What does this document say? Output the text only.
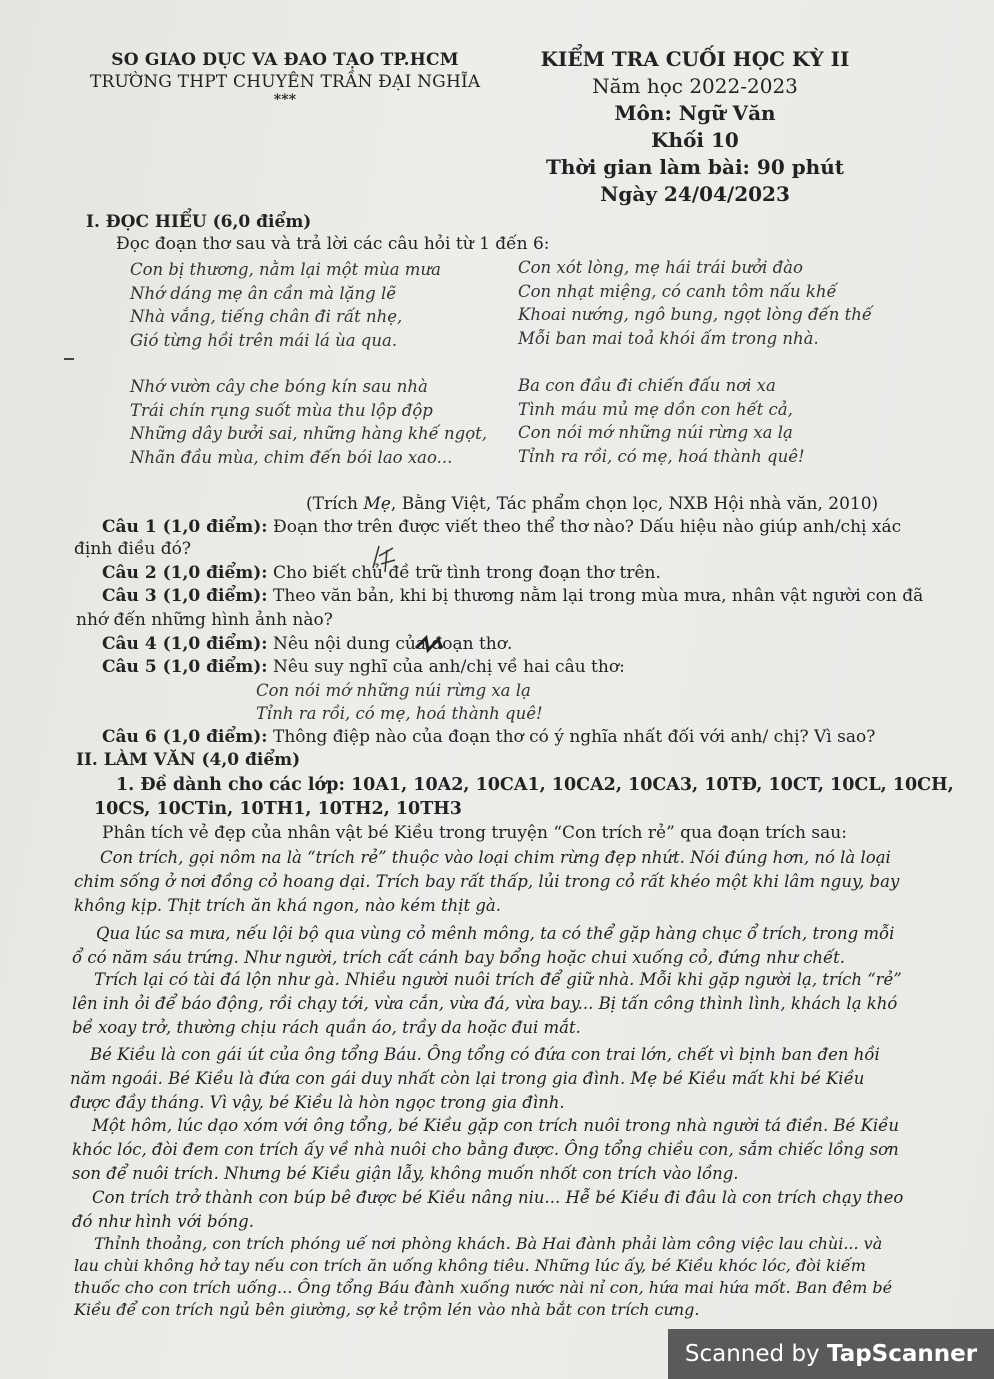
SO GIAO DỤC VA ĐAO TẠO TP.HCM
TRƯỜNG THPT CHUYÊN TRẦN ĐẠI NGHĨA
***
KIỂM TRA CUỐI HỌC KỲ II
Năm học 2022-2023
Môn: Ngữ Văn
Khối 10
Thời gian làm bài: 90 phút
Ngày 24/04/2023
I. ĐỌC HIỂU (6,0 điểm)
Đọc đoạn thơ sau và trả lời các câu hỏi từ 1 đến 6:
Con bị thương, nằm lại một mùa mưa
Nhớ dáng mẹ ân cần mà lặng lẽ
Nhà vắng, tiếng chân đi rất nhẹ,
Gió từng hồi trên mái lá ùa qua.
Con xót lòng, mẹ hái trái bưởi đào
Con nhạt miệng, có canh tôm nấu khế
Khoai nướng, ngô bung, ngọt lòng đến thế
Mỗi ban mai toả khói ấm trong nhà.
Nhớ vườn cây che bóng kín sau nhà
Trái chín rụng suốt mùa thu lộp độp
Những dây bưởi sai, những hàng khế ngọt,
Nhãn đầu mùa, chim đến bói lao xao...
Ba con đầu đi chiến đấu nơi xa
Tình máu mủ mẹ dồn con hết cả,
Con nói mớ những núi rừng xa lạ
Tỉnh ra rồi, có mẹ, hoá thành quê!
(Trích Mẹ, Bằng Việt, Tác phẩm chọn lọc, NXB Hội nhà văn, 2010)
Câu 1 (1,0 điểm): Đoạn thơ trên được viết theo thể thơ nào? Dấu hiệu nào giúp anh/chị xác
định điều đó?
Câu 2 (1,0 điểm): Cho biết chủ đề trữ tình trong đoạn thơ trên.
Câu 3 (1,0 điểm): Theo văn bản, khi bị thương nằm lại trong mùa mưa, nhân vật người con đã
nhớ đến những hình ảnh nào?
Câu 4 (1,0 điểm): Nêu nội dung của đoạn thơ.
Câu 5 (1,0 điểm): Nêu suy nghĩ của anh/chị về hai câu thơ:
Con nói mớ những núi rừng xa lạ
Tỉnh ra rồi, có mẹ, hoá thành quê!
Câu 6 (1,0 điểm): Thông điệp nào của đoạn thơ có ý nghĩa nhất đối với anh/ chị? Vì sao?
II. LÀM VĂN (4,0 điểm)
1. Đề dành cho các lớp: 10A1, 10A2, 10CA1, 10CA2, 10CA3, 10TĐ, 10CT, 10CL, 10CH,
10CS, 10CTin, 10TH1, 10TH2, 10TH3
Phân tích vẻ đẹp của nhân vật bé Kiều trong truyện “Con trích rẻ” qua đoạn trích sau:
Con trích, gọi nôm na là “trích rẻ” thuộc vào loại chim rừng đẹp nhứt. Nói đúng hơn, nó là loại chim sống ở nơi đồng cỏ hoang dại. Trích bay rất thấp, lủi trong cỏ rất khéo một khi lâm nguy, bay không kịp. Thịt trích ăn khá ngon, nào kém thịt gà.
Qua lúc sa mưa, nếu lội bộ qua vùng cỏ mênh mông, ta có thể gặp hàng chục ổ trích, trong mỗi ổ có năm sáu trứng. Như người, trích cất cánh bay bổng hoặc chui xuống cỏ, đứng như chết.
Trích lại có tài đá lộn như gà. Nhiều người nuôi trích để giữ nhà. Mỗi khi gặp người lạ, trích “rẻ” lên inh ỏi để báo động, rồi chạy tới, vừa cắn, vừa đá, vừa bay... Bị tấn công thình lình, khách lạ khó bề xoay trở, thường chịu rách quần áo, trầy da hoặc đui mắt.
Bé Kiều là con gái út của ông tổng Báu. Ông tổng có đứa con trai lớn, chết vì bịnh ban đen hồi năm ngoái. Bé Kiều là đứa con gái duy nhất còn lại trong gia đình. Mẹ bé Kiều mất khi bé Kiều được đầy tháng. Vì vậy, bé Kiều là hòn ngọc trong gia đình.
Một hôm, lúc dạo xóm với ông tổng, bé Kiều gặp con trích nuôi trong nhà người tá điền. Bé Kiều khóc lóc, đòi đem con trích ấy về nhà nuôi cho bằng được. Ông tổng chiều con, sắm chiếc lồng sơn son để nuôi trích. Nhưng bé Kiều giận lẫy, không muốn nhốt con trích vào lồng.
Con trích trở thành con búp bê được bé Kiều nâng niu... Hễ bé Kiều đi đâu là con trích chạy theo đó như hình với bóng.
Thỉnh thoảng, con trích phóng uế nơi phòng khách. Bà Hai đành phải làm công việc lau chùi... và lau chùi không hở tay nếu con trích ăn uống không tiêu. Những lúc ấy, bé Kiều khóc lóc, đòi kiếm thuốc cho con trích uống... Ông tổng Báu đành xuống nước nài nỉ con, hứa mai hứa mốt. Ban đêm bé Kiều để con trích ngủ bên giường, sợ kẻ trộm lén vào nhà bắt con trích cưng.
Scanned by TapScanner
